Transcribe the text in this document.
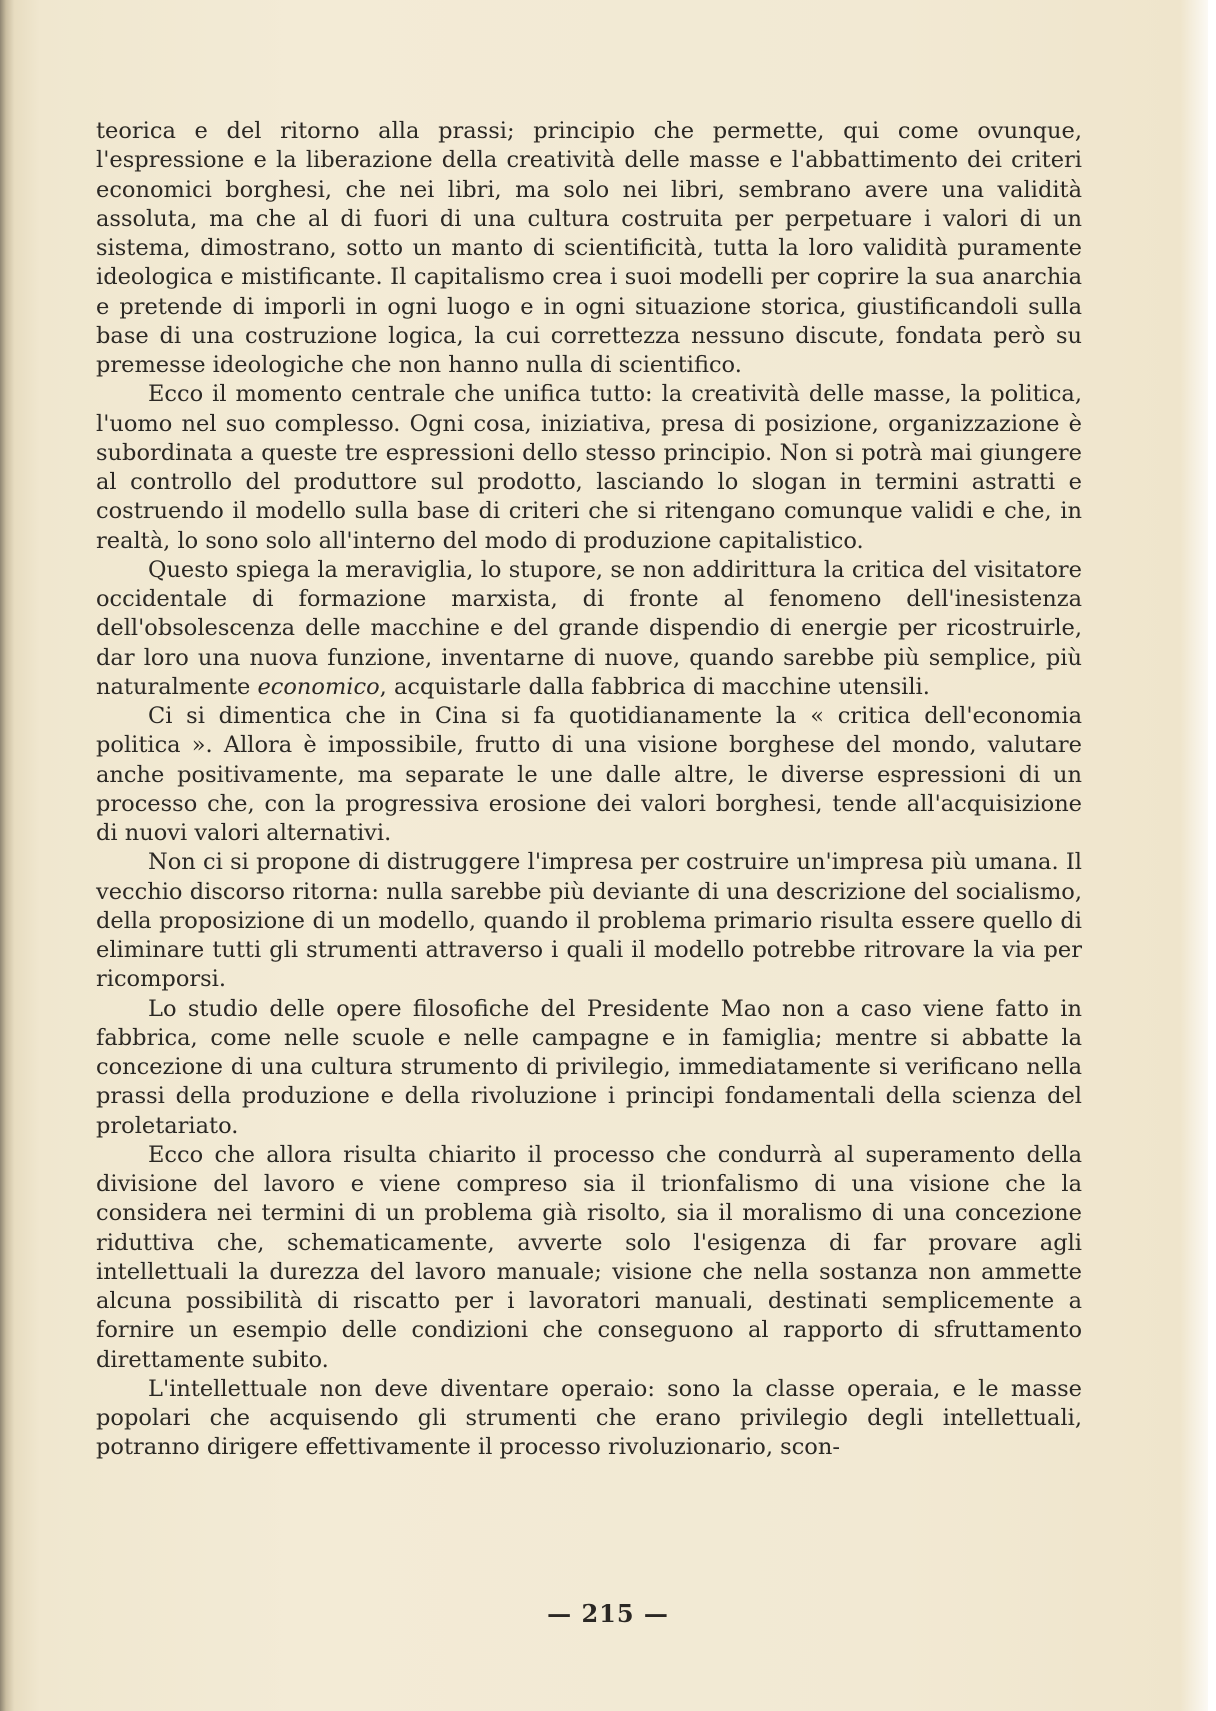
teorica e del ritorno alla prassi; principio che permette, qui come ovunque, l'espressione e la liberazione della creatività delle masse e l'abbattimento dei criteri economici borghesi, che nei libri, ma solo nei libri, sembrano avere una validità assoluta, ma che al di fuori di una cultura costruita per perpetuare i valori di un sistema, dimostrano, sotto un manto di scientificità, tutta la loro validità puramente ideologica e mistificante. Il capitalismo crea i suoi modelli per coprire la sua anarchia e pretende di imporli in ogni luogo e in ogni situazione storica, giustificandoli sulla base di una costruzione logica, la cui correttezza nessuno discute, fondata però su premesse ideologiche che non hanno nulla di scientifico.

Ecco il momento centrale che unifica tutto: la creatività delle masse, la politica, l'uomo nel suo complesso. Ogni cosa, iniziativa, presa di posizione, organizzazione è subordinata a queste tre espressioni dello stesso principio. Non si potrà mai giungere al controllo del produttore sul prodotto, lasciando lo slogan in termini astratti e costruendo il modello sulla base di criteri che si ritengano comunque validi e che, in realtà, lo sono solo all'interno del modo di produzione capitalistico.

Questo spiega la meraviglia, lo stupore, se non addirittura la critica del visitatore occidentale di formazione marxista, di fronte al fenomeno dell'inesistenza dell'obsolescenza delle macchine e del grande dispendio di energie per ricostruirle, dar loro una nuova funzione, inventarne di nuove, quando sarebbe più semplice, più naturalmente economico, acquistarle dalla fabbrica di macchine utensili.

Ci si dimentica che in Cina si fa quotidianamente la « critica dell'economia politica ». Allora è impossibile, frutto di una visione borghese del mondo, valutare anche positivamente, ma separate le une dalle altre, le diverse espressioni di un processo che, con la progressiva erosione dei valori borghesi, tende all'acquisizione di nuovi valori alternativi.

Non ci si propone di distruggere l'impresa per costruire un'impresa più umana. Il vecchio discorso ritorna: nulla sarebbe più deviante di una descrizione del socialismo, della proposizione di un modello, quando il problema primario risulta essere quello di eliminare tutti gli strumenti attraverso i quali il modello potrebbe ritrovare la via per ricomporsi.

Lo studio delle opere filosofiche del Presidente Mao non a caso viene fatto in fabbrica, come nelle scuole e nelle campagne e in famiglia; mentre si abbatte la concezione di una cultura strumento di privilegio, immediatamente si verificano nella prassi della produzione e della rivoluzione i principi fondamentali della scienza del proletariato.

Ecco che allora risulta chiarito il processo che condurrà al superamento della divisione del lavoro e viene compreso sia il trionfalismo di una visione che la considera nei termini di un problema già risolto, sia il moralismo di una concezione riduttiva che, schematicamente, avverte solo l'esigenza di far provare agli intellettuali la durezza del lavoro manuale; visione che nella sostanza non ammette alcuna possibilità di riscatto per i lavoratori manuali, destinati semplicemente a fornire un esempio delle condizioni che conseguono al rapporto di sfruttamento direttamente subito.

L'intellettuale non deve diventare operaio: sono la classe operaia, e le masse popolari che acquisendo gli strumenti che erano privilegio degli intellettuali, potranno dirigere effettivamente il processo rivoluzionario, scon-

— 215 —
